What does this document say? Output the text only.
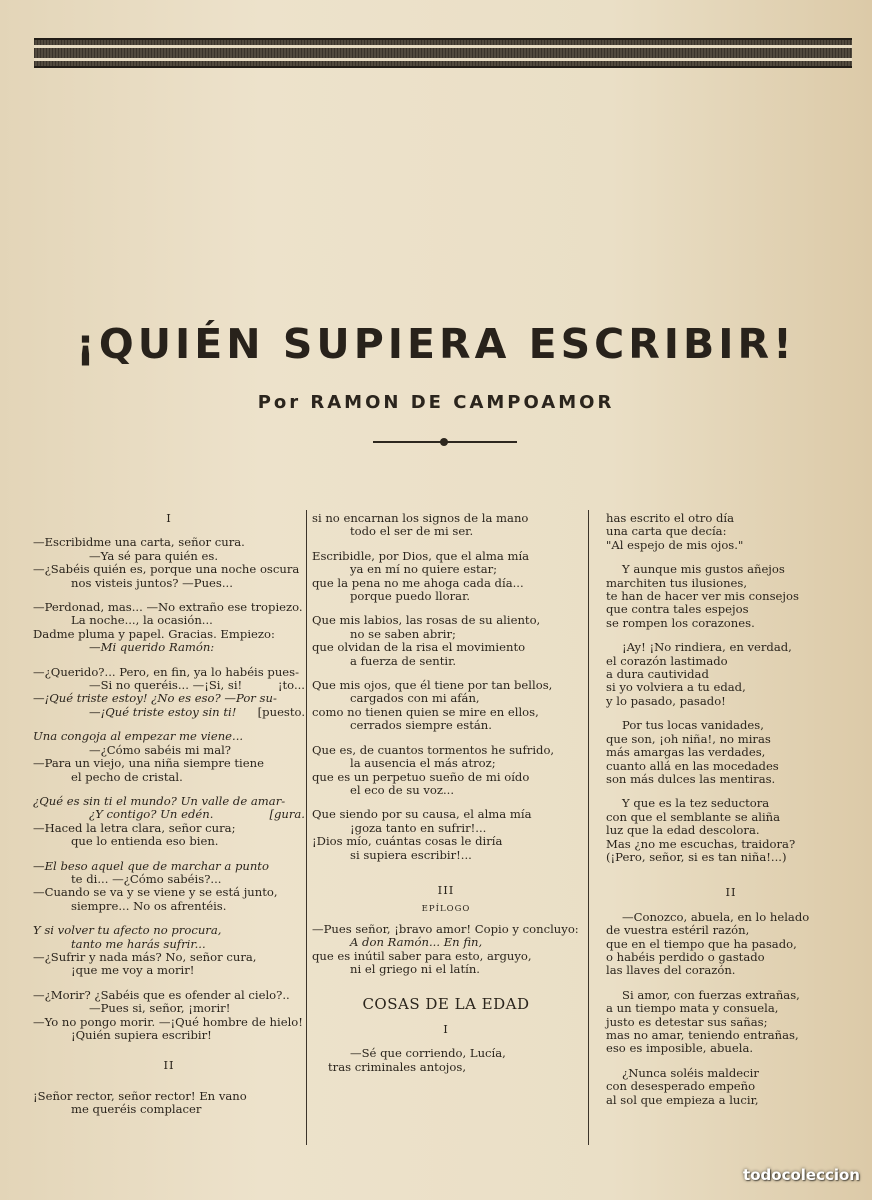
¡QUIÉN SUPIERA ESCRIBIR!
Por RAMON DE CAMPOAMOR

I

—Escribidme una carta, señor cura.

—Ya sé para quién es.

—¿Sabéis quién es, porque una noche oscura

nos visteis juntos? —Pues...

—Perdonad, mas... —No extraño ese tropiezo.

La noche..., la ocasión...

Dadme pluma y papel. Gracias. Empiezo:

—Mi querido Ramón:

—¿Querido?... Pero, en fin, ya lo habéis pues-

—Si no queréis... —¡Si, si!	¡to...

—¡Qué triste estoy! ¿No es eso? —Por su-

—¡Qué triste estoy sin ti! [puesto.

Una congoja al empezar me viene...

—¿Cómo sabéis mi mal?

—Para un viejo, una niña siempre tiene

el pecho de cristal.

¿Qué es sin ti el mundo? Un valle de amar-

¿Y contigo? Un edén.	[gura.

—Haced la letra clara, señor cura;

que lo entienda eso bien.

—El beso aquel que de marchar a punto

te di... —¿Cómo sabéis?...

—Cuando se va y se viene y se está junto,

siempre... No os afrentéis.

Y si volver tu afecto no procura,

tanto me harás sufrir...

—¿Sufrir y nada más? No, señor cura,

¡que me voy a morir!

—¿Morir? ¿Sabéis que es ofender al cielo?..

—Pues si, señor, ¡morir!

—Yo no pongo morir. —¡Qué hombre de hielo!

¡Quién supiera escribir!

II

¡Señor rector, señor rector! En vano

me queréis complacer

si no encarnan los signos de la mano

todo el ser de mi ser.

Escribidle, por Dios, que el alma mía

ya en mí no quiere estar;

que la pena no me ahoga cada día...

porque puedo llorar.

Que mis labios, las rosas de su aliento,

no se saben abrir;

que olvidan de la risa el movimiento

a fuerza de sentir.

Que mis ojos, que él tiene por tan bellos,

cargados con mi afán,

como no tienen quien se mire en ellos,

cerrados siempre están.

Que es, de cuantos tormentos he sufrido,

la ausencia el más atroz;

que es un perpetuo sueño de mi oído

el eco de su voz...

Que siendo por su causa, el alma mía

¡goza tanto en sufrir!...

¡Dios mío, cuántas cosas le diría

si supiera escribir!...

III

EPÍLOGO

—Pues señor, ¡bravo amor! Copio y concluyo:

A don Ramón... En fin,

que es inútil saber para esto, arguyo,

ni el griego ni el latín.

COSAS DE LA EDAD

I

—Sé que corriendo, Lucía,

tras criminales antojos,

has escrito el otro día

una carta que decía:

"Al espejo de mis ojos."

Y aunque mis gustos añejos

marchiten tus ilusiones,

te han de hacer ver mis consejos

que contra tales espejos

se rompen los corazones.

¡Ay! ¡No rindiera, en verdad,

el corazón lastimado

a dura cautividad

si yo volviera a tu edad,

y lo pasado, pasado!

Por tus locas vanidades,

que son, ¡oh niña!, no miras

más amargas las verdades,

cuanto allá en las mocedades

son más dulces las mentiras.

Y que es la tez seductora

con que el semblante se aliña

luz que la edad descolora.

Mas ¿no me escuchas, traidora?

(¡Pero, señor, si es tan niña!...)

II

—Conozco, abuela, en lo helado

de vuestra estéril razón,

que en el tiempo que ha pasado,

o habéis perdido o gastado

las llaves del corazón.

Si amor, con fuerzas extrañas,

a un tiempo mata y consuela,

justo es detestar sus sañas;

mas no amar, teniendo entrañas,

eso es imposible, abuela.

¿Nunca soléis maldecir

con desesperado empeño

al sol que empieza a lucir,

todocoleccion
